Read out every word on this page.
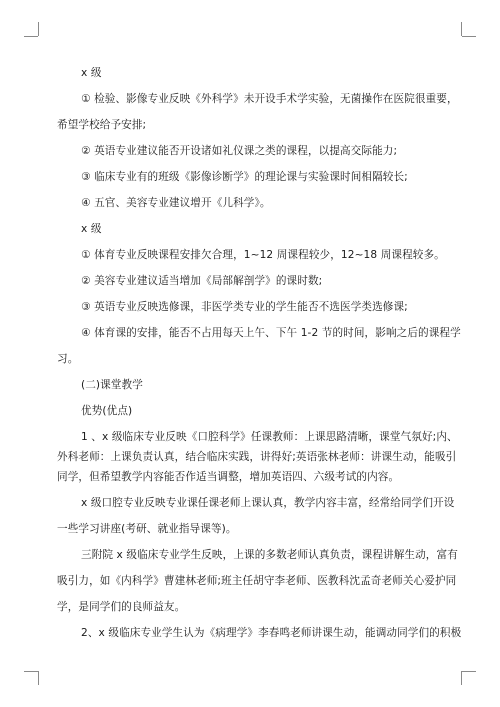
x 级
① 检验、影像专业反映《外科学》未开设手术学实验，无菌操作在医院很重要，
希望学校给予安排;
② 英语专业建议能否开设诸如礼仪课之类的课程，以提高交际能力;
③ 临床专业有的班级《影像诊断学》的理论课与实验课时间相隔较长;
④ 五官、美容专业建议增开《儿科学》。
x 级
① 体育专业反映课程安排欠合理，1~12 周课程较少，12~18 周课程较多。
② 美容专业建议适当增加《局部解剖学》的课时数;
③ 英语专业反映选修课，非医学类专业的学生能否不选医学类选修课;
④ 体育课的安排，能否不占用每天上午、下午 1-2 节的时间，影响之后的课程学
习。
(二)课堂教学
优势(优点)
1 、x 级临床专业反映《口腔科学》任课教师：上课思路清晰，课堂气氛好;内、
外科老师：上课负责认真，结合临床实践，讲得好;英语张林老师：讲课生动，能吸引
同学，但希望教学内容能否作适当调整，增加英语四、六级考试的内容。
x 级口腔专业反映专业课任课老师上课认真，教学内容丰富，经常给同学们开设
一些学习讲座(考研、就业指导课等)。
三附院 x 级临床专业学生反映，上课的多数老师认真负责，课程讲解生动，富有
吸引力，如《内科学》曹建林老师;班主任胡守李老师、医教科沈孟奇老师关心爱护同
学，是同学们的良师益友。
2、x 级临床专业学生认为《病理学》李春鸣老师讲课生动，能调动同学们的积极
